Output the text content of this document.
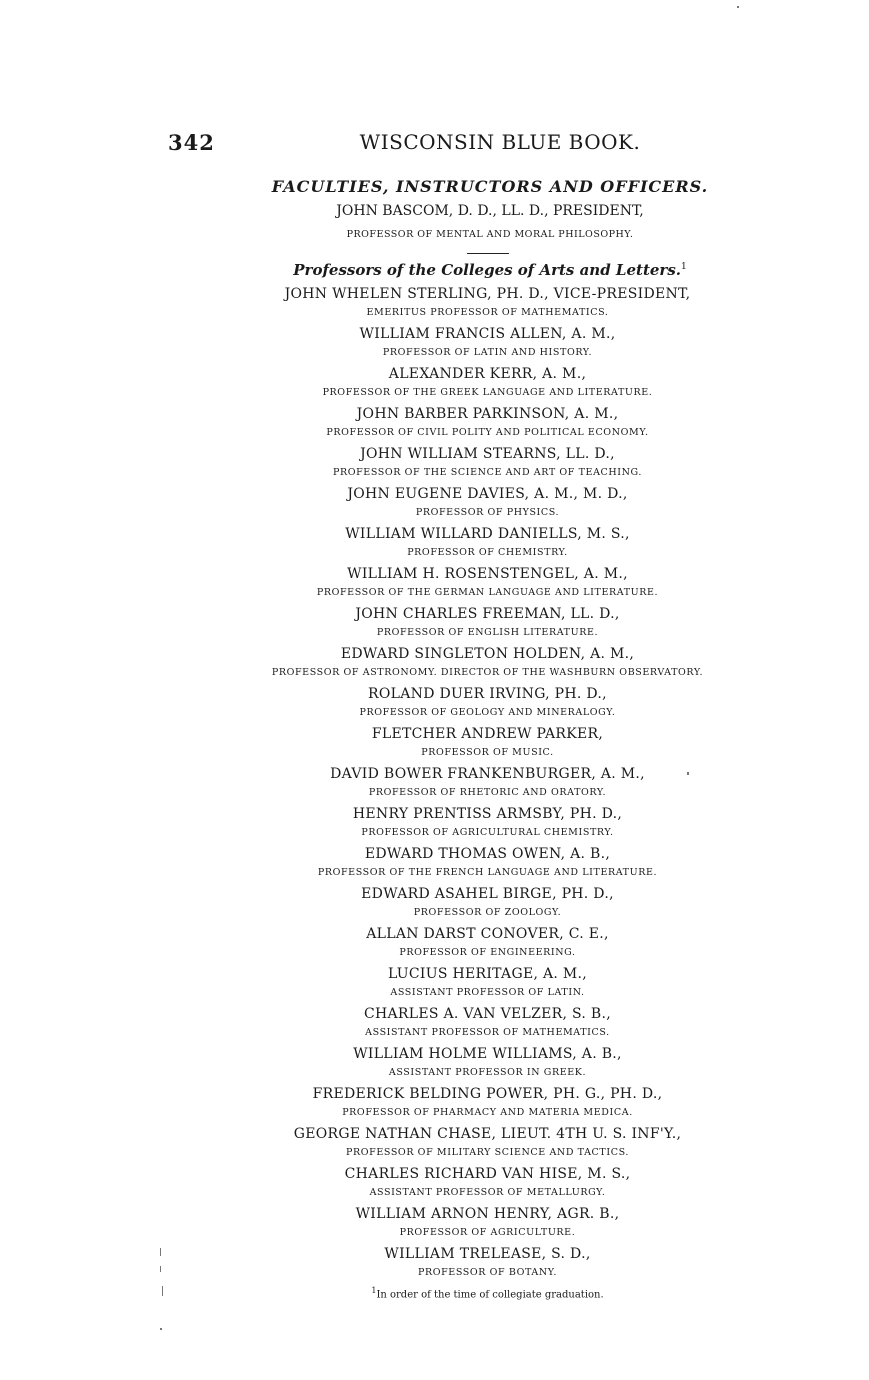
342	WISCONSIN BLUE BOOK.
FACULTIES, INSTRUCTORS AND OFFICERS.
JOHN BASCOM, D. D., LL. D., PRESIDENT,
PROFESSOR OF MENTAL AND MORAL PHILOSOPHY.
Professors of the Colleges of Arts and Letters.$^1$
JOHN WHELEN STERLING, PH. D., VICE-PRESIDENT,
EMERITUS PROFESSOR OF MATHEMATICS.
WILLIAM FRANCIS ALLEN, A. M.,
PROFESSOR OF LATIN AND HISTORY.
ALEXANDER KERR, A. M.,
PROFESSOR OF THE GREEK LANGUAGE AND LITERATURE.
JOHN BARBER PARKINSON, A. M.,
PROFESSOR OF CIVIL POLITY AND POLITICAL ECONOMY.
JOHN WILLIAM STEARNS, LL. D.,
PROFESSOR OF THE SCIENCE AND ART OF TEACHING.
JOHN EUGENE DAVIES, A. M., M. D.,
PROFESSOR OF PHYSICS.
WILLIAM WILLARD DANIELLS, M. S.,
PROFESSOR OF CHEMISTRY.
WILLIAM H. ROSENSTENGEL, A. M.,
PROFESSOR OF THE GERMAN LANGUAGE AND LITERATURE.
JOHN CHARLES FREEMAN, LL. D.,
PROFESSOR OF ENGLISH LITERATURE.
EDWARD SINGLETON HOLDEN, A. M.,
PROFESSOR OF ASTRONOMY. DIRECTOR OF THE WASHBURN OBSERVATORY.
ROLAND DUER IRVING, PH. D.,
PROFESSOR OF GEOLOGY AND MINERALOGY.
FLETCHER ANDREW PARKER,
PROFESSOR OF MUSIC.
DAVID BOWER FRANKENBURGER, A. M.,
PROFESSOR OF RHETORIC AND ORATORY.
HENRY PRENTISS ARMSBY, PH. D.,
PROFESSOR OF AGRICULTURAL CHEMISTRY.
EDWARD THOMAS OWEN, A. B.,
PROFESSOR OF THE FRENCH LANGUAGE AND LITERATURE.
EDWARD ASAHEL BIRGE, PH. D.,
PROFESSOR OF ZOOLOGY.
ALLAN DARST CONOVER, C. E.,
PROFESSOR OF ENGINEERING.
LUCIUS HERITAGE, A. M.,
ASSISTANT PROFESSOR OF LATIN.
CHARLES A. VAN VELZER, S. B.,
ASSISTANT PROFESSOR OF MATHEMATICS.
WILLIAM HOLME WILLIAMS, A. B.,
ASSISTANT PROFESSOR IN GREEK.
FREDERICK BELDING POWER, PH. G., PH. D.,
PROFESSOR OF PHARMACY AND MATERIA MEDICA.
GEORGE NATHAN CHASE, LIEUT. 4TH U. S. INF'Y.,
PROFESSOR OF MILITARY SCIENCE AND TACTICS.
CHARLES RICHARD VAN HISE, M. S.,
ASSISTANT PROFESSOR OF METALLURGY.
WILLIAM ARNON HENRY, AGR. B.,
PROFESSOR OF AGRICULTURE.
WILLIAM TRELEASE, S. D.,
PROFESSOR OF BOTANY.
$^1$In order of the time of collegiate graduation.
